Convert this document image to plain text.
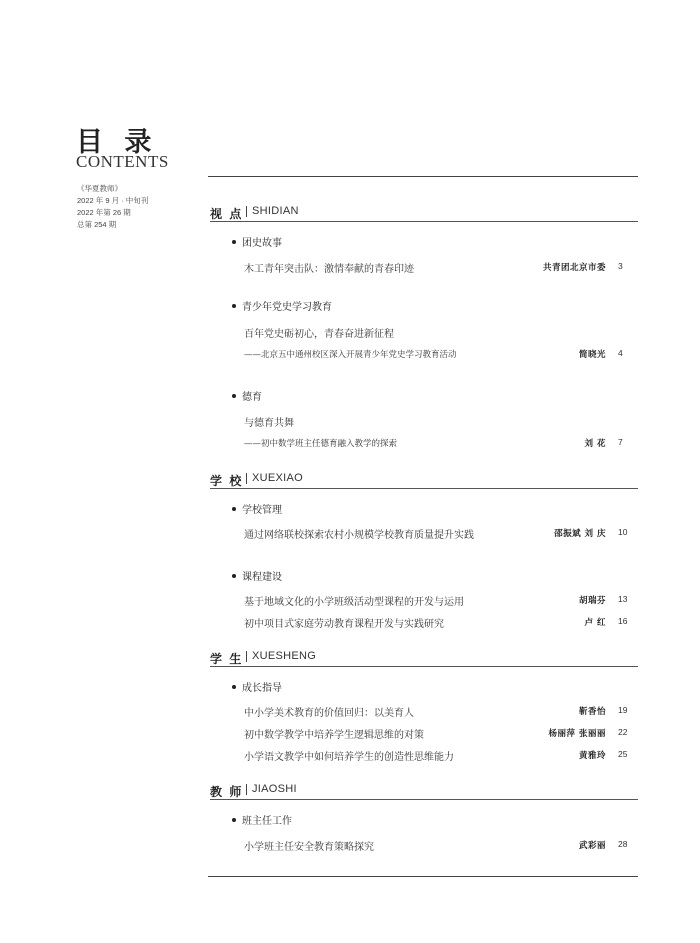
目 录
CONTENTS
《华夏教师》
2022 年 9 月 · 中旬刊
2022 年第 26 期
总第 254 期
视 点 SHIDIAN
团史故事
木工青年突击队：激情奉献的青春印迹	共青团北京市委 3
青少年党史学习教育
百年党史砺初心，青春奋进新征程
——北京五中通州校区深入开展青少年党史学习教育活动	简晓光 4
德育
与德育共舞
——初中数学班主任德育融入教学的探索	刘 花 7
学 校 XUEXIAO
学校管理
通过网络联校探索农村小规模学校教育质量提升实践	邵振斌 刘 庆 10
课程建设
基于地域文化的小学班级活动型课程的开发与运用	胡瑞芬 13
初中项目式家庭劳动教育课程开发与实践研究	卢 红 16
学 生 XUESHENG
成长指导
中小学美术教育的价值回归：以美育人	靳香怡 19
初中数学教学中培养学生逻辑思维的对策	杨丽萍 张丽丽 22
小学语文教学中如何培养学生的创造性思维能力	黄雅玲 25
教 师 JIAOSHI
班主任工作
小学班主任安全教育策略探究	武彩丽 28
